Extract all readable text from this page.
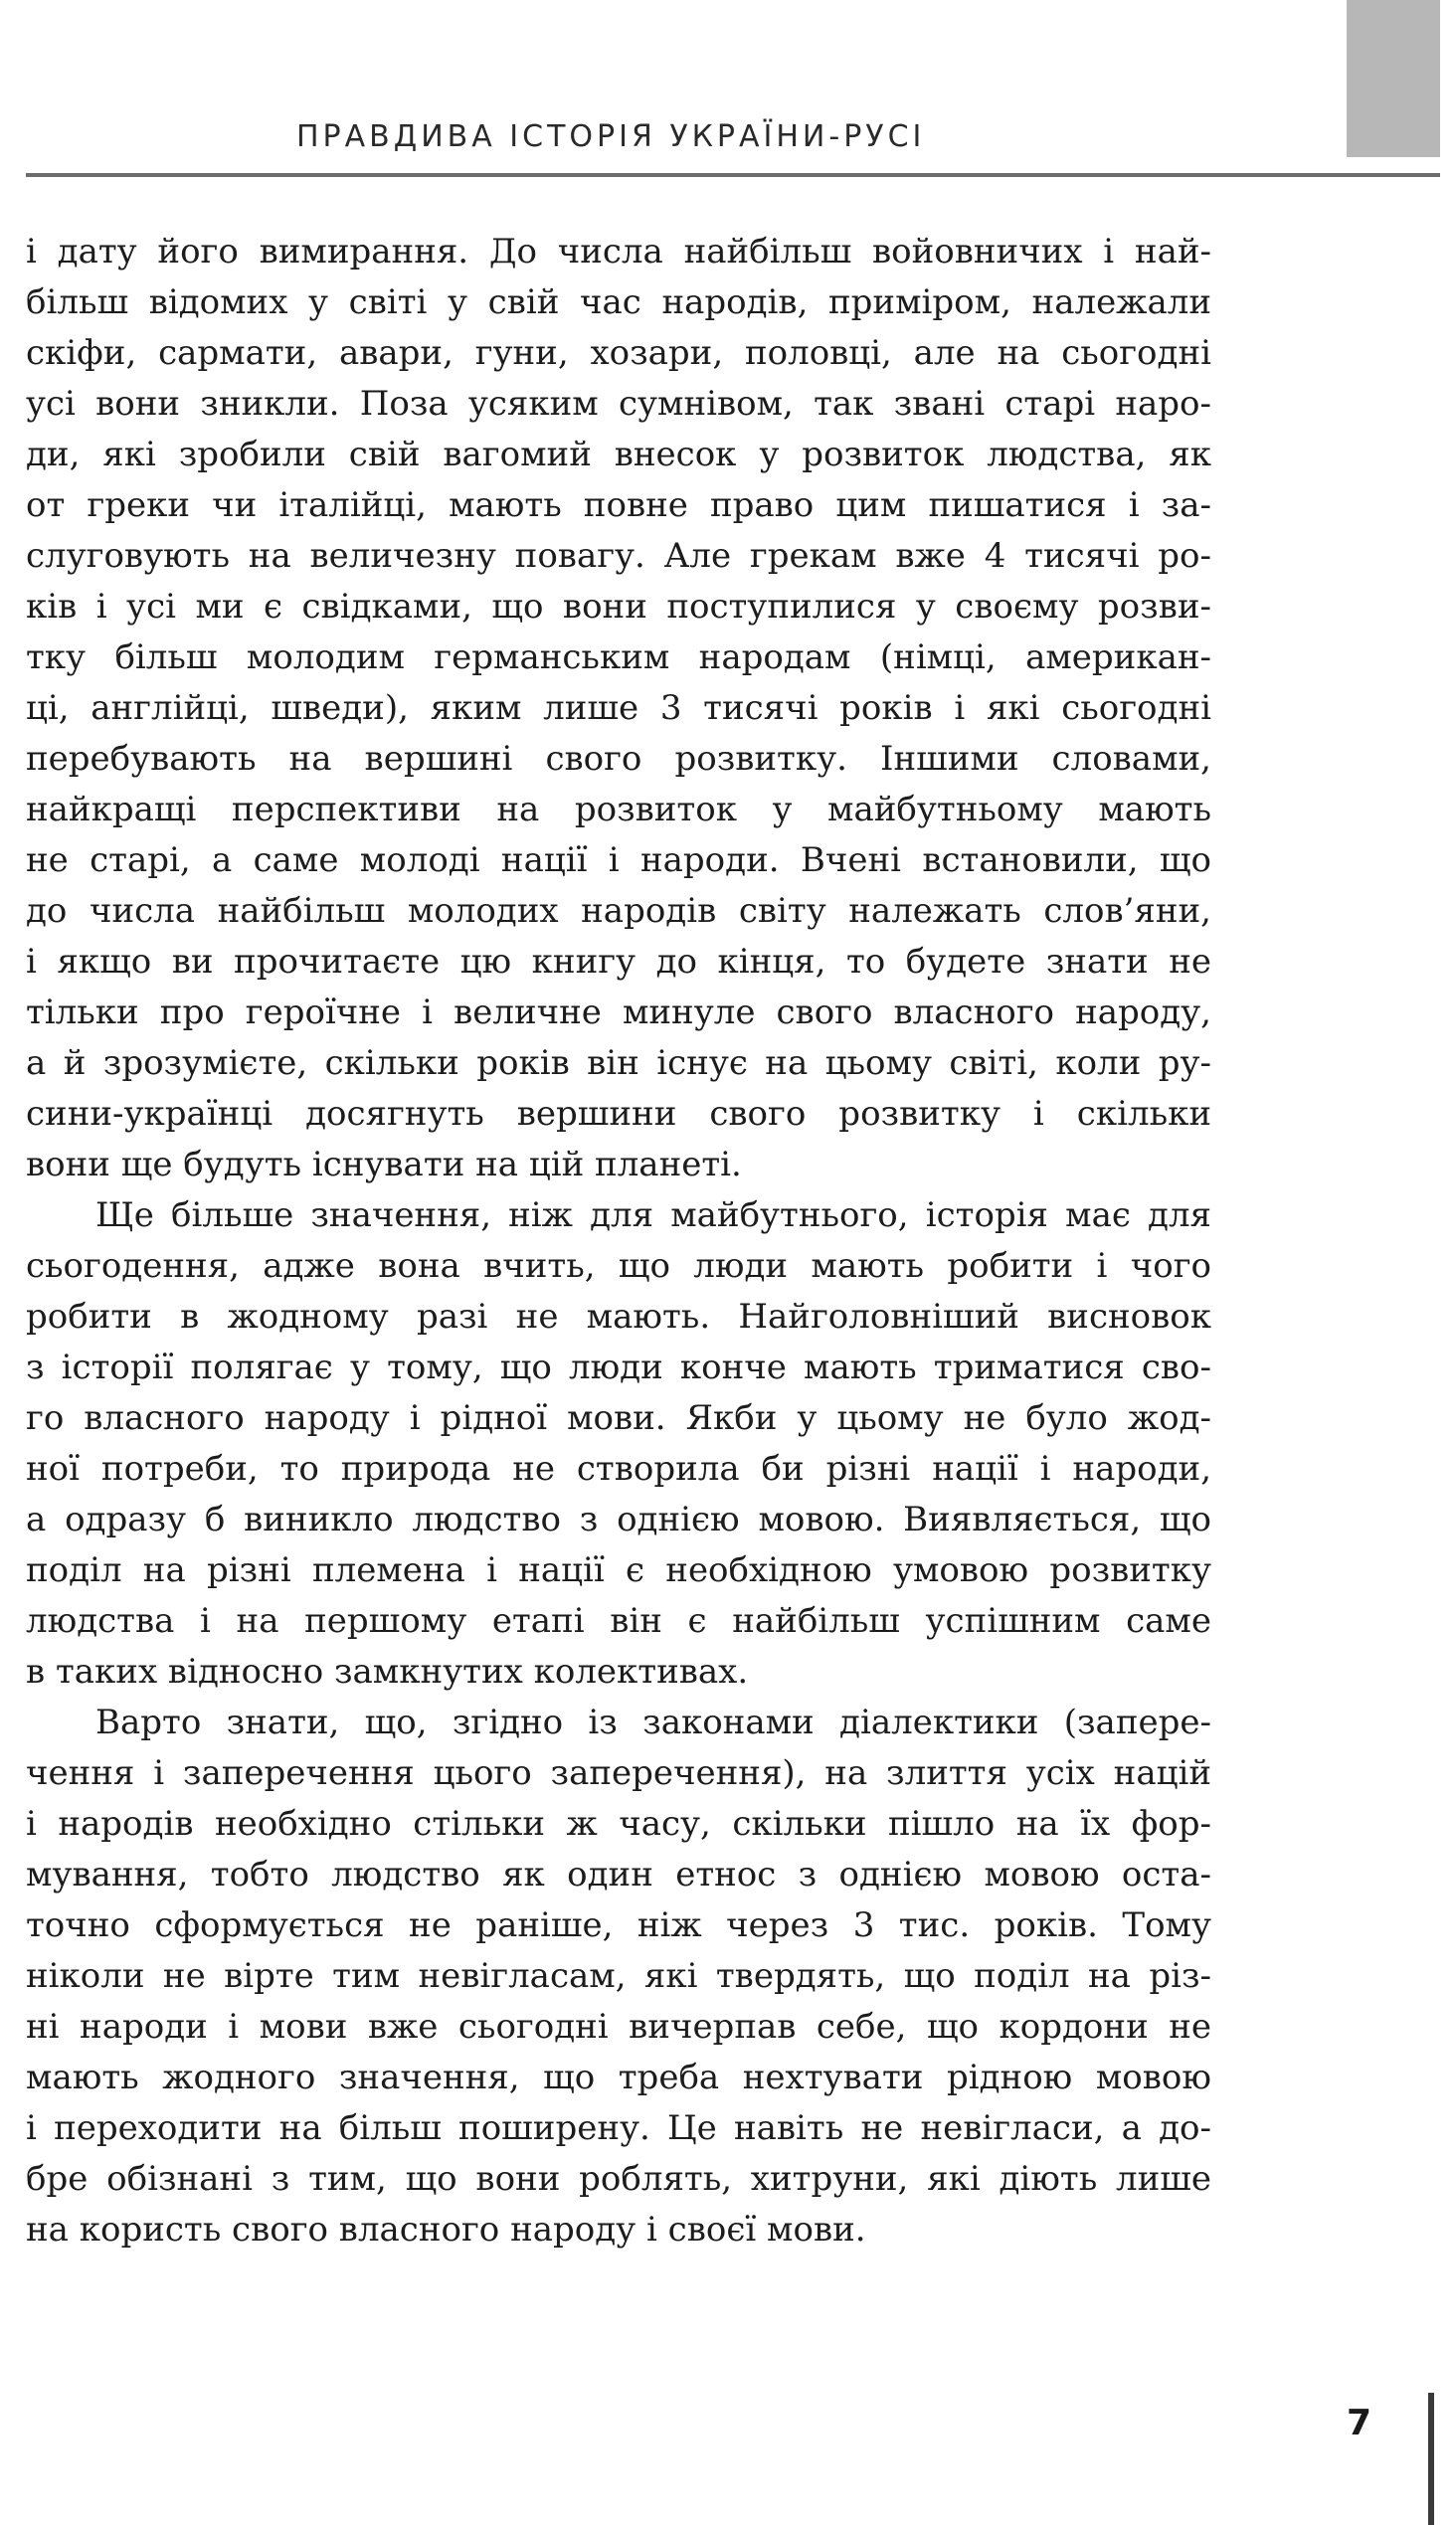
ПРАВДИВА ІСТОРІЯ УКРАЇНИ-РУСІ
і дату його вимирання. До числа найбільш войовничих і най-
більш відомих у світі у свій час народів, приміром, належали
скіфи, сармати, авари, гуни, хозари, половці, але на сьогодні
усі вони зникли. Поза усяким сумнівом, так звані старі наро-
ди, які зробили свій вагомий внесок у розвиток людства, як
от греки чи італійці, мають повне право цим пишатися і за-
слуговують на величезну повагу. Але грекам вже 4 тисячі ро-
ків і усі ми є свідками, що вони поступилися у своєму розви-
тку більш молодим германським народам (німці, американ-
ці, англійці, шведи), яким лише 3 тисячі років і які сьогодні
перебувають на вершині свого розвитку. Іншими словами,
найкращі перспективи на розвиток у майбутньому мають
не старі, а саме молоді нації і народи. Вчені встановили, що
до числа найбільш молодих народів світу належать слов’яни,
і якщо ви прочитаєте цю книгу до кінця, то будете знати не
тільки про героїчне і величне минуле свого власного народу,
а й зрозумієте, скільки років він існує на цьому світі, коли ру-
сини-українці досягнуть вершини свого розвитку і скільки
вони ще будуть існувати на цій планеті.
Ще більше значення, ніж для майбутнього, історія має для
сьогодення, адже вона вчить, що люди мають робити і чого
робити в жодному разі не мають. Найголовніший висновок
з історії полягає у тому, що люди конче мають триматися сво-
го власного народу і рідної мови. Якби у цьому не було жод-
ної потреби, то природа не створила би різні нації і народи,
а одразу б виникло людство з однією мовою. Виявляється, що
поділ на різні племена і нації є необхідною умовою розвитку
людства і на першому етапі він є найбільш успішним саме
в таких відносно замкнутих колективах.
Варто знати, що, згідно із законами діалектики (запере-
чення і заперечення цього заперечення), на злиття усіх націй
і народів необхідно стільки ж часу, скільки пішло на їх фор-
мування, тобто людство як один етнос з однією мовою оста-
точно сформується не раніше, ніж через 3 тис. років. Тому
ніколи не вірте тим невігласам, які твердять, що поділ на різ-
ні народи і мови вже сьогодні вичерпав себе, що кордони не
мають жодного значення, що треба нехтувати рідною мовою
і переходити на більш поширену. Це навіть не невігласи, а до-
бре обізнані з тим, що вони роблять, хитруни, які діють лише
на користь свого власного народу і своєї мови.
7
